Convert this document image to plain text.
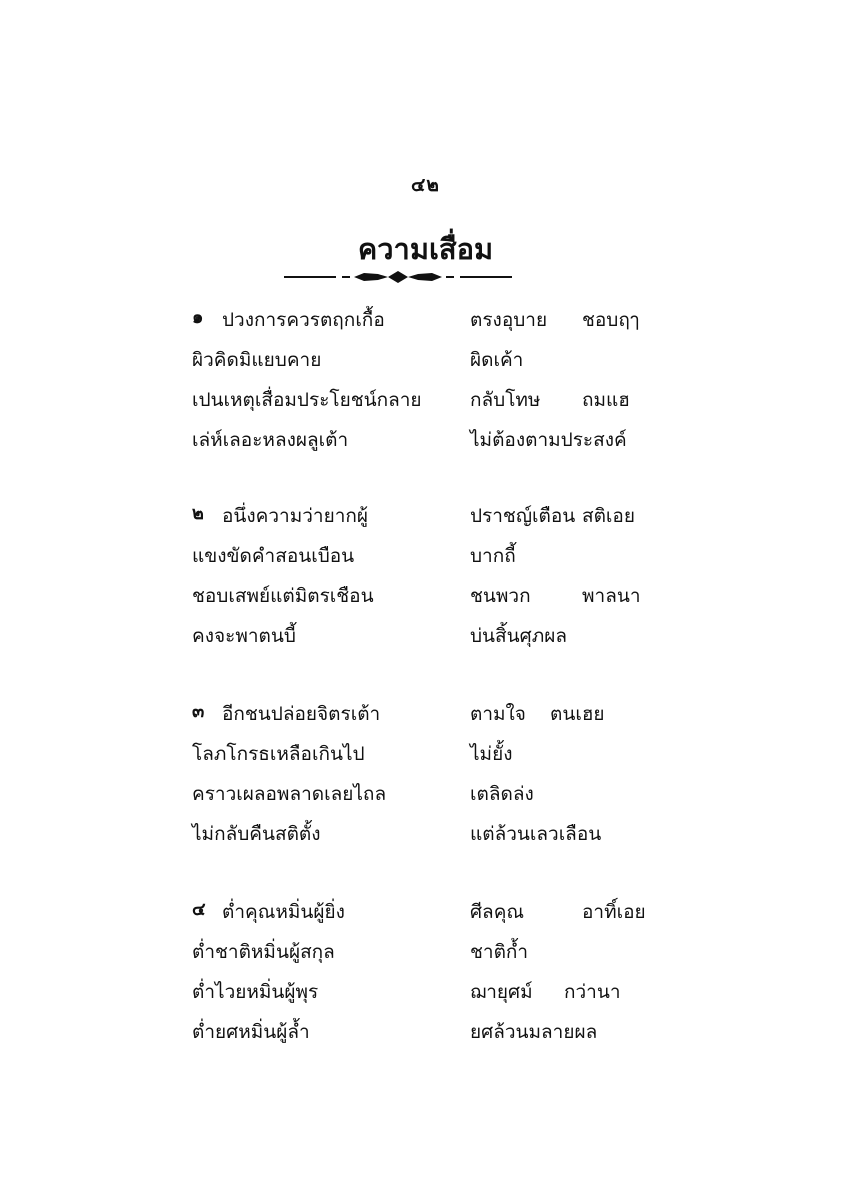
๔๒
ความเสื่อม
๑ ปวงการควรตฤกเกื้อ	ตรงอุบาย ชอบฤๅ
ผิวคิดมิแยบคาย	ผิดเค้า
เปนเหตุเสื่อมประโยชน์กลาย	กลับโทษ ถมแฮ
เล่ห์เลอะหลงผลูเต้า	ไม่ต้องตามประสงค์
๒ อนึ่งความว่ายากผู้	ปราชญ์เตือน สติเอย
แขงขัดคำสอนเบือน	บากถี้
ชอบเสพย์แต่มิตรเชือน	ชนพวก	พาลนา
คงจะพาตนบี้	บ่นสิ้นศุภผล
๓ อีกชนปล่อยจิตรเต้า	ตามใจ ตนเฮย
โลภโกรธเหลือเกินไป	ไม่ยั้ง
คราวเผลอพลาดเลยไถล	เตลิดล่ง
ไม่กลับคืนสติตั้ง	แต่ล้วนเลวเลือน
๔ ต่ำคุณหมิ่นผู้ยิ่ง	ศีลคุณ	อาทิ์เอย
ต่ำชาติหมิ่นผู้สกุล	ชาติก้ำ
ต่ำไวยหมิ่นผู้พุร	ฌายุศม์ กว่านา
ต่ำยศหมิ่นผู้ล้ำ	ยศล้วนมลายผล
